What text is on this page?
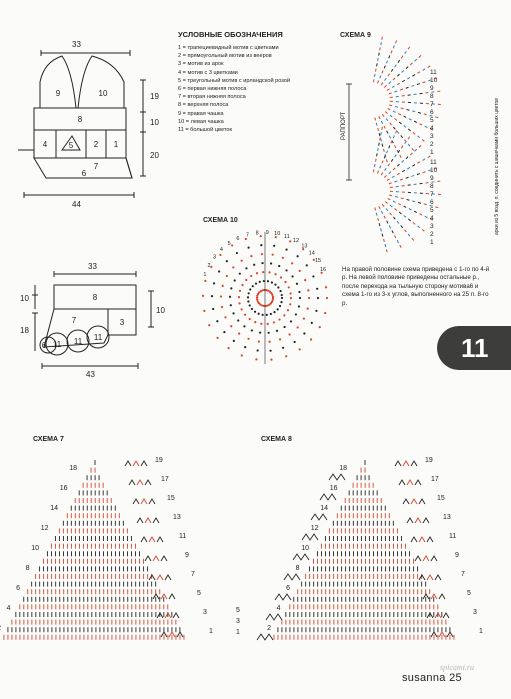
33
19
10
20
44
9	10
8
4	5	2 1
7
6
33
10
18
10
43
8
7	3
6 11 11 11
УСЛОВНЫЕ ОБОЗНАЧЕНИЯ
1 = трапециевидный мотив с цветками
2 = прямоугольный мотив из вееров
3 = мотив из арок
4 = мотив с 3 цветками
5 = треугольный мотив с ирландской розой
6 = первая нижняя полоса
7 = вторая нижняя полоса
8 = верхняя полоса
9 = правая чашка
10 = левая чашка
11 = большой цветок
СХЕМА 9
РАППОРТ
11
10
9
8
7
6
5
4
3
2
1
11
10
9
8
7
6
5
4
3
2
1
арки из 5 возд. п. соединить с шишечками больших цветов
СХЕМА 10
1
2
3
4
5
6
7 8 9 10 11
12
13
14
15
16	На правой половине схема приведена с 1-го по 4-й р. На левой половине приведены остальные р., после перехода на тыльную сторону мотива6 и схема 1-го из 3-х углов, выполненного на 25 п. 8-го р.
11
СХЕМА 7
18
16
14
12
10
8
6
4
19
17
15
13
11
9
7
5
3
1
5
3
1
СХЕМА 8
18
16
14
12
10
8
6
4
2
19
17
15
13
11
9
7
5
3
1
spicami.ru
susanna 25
